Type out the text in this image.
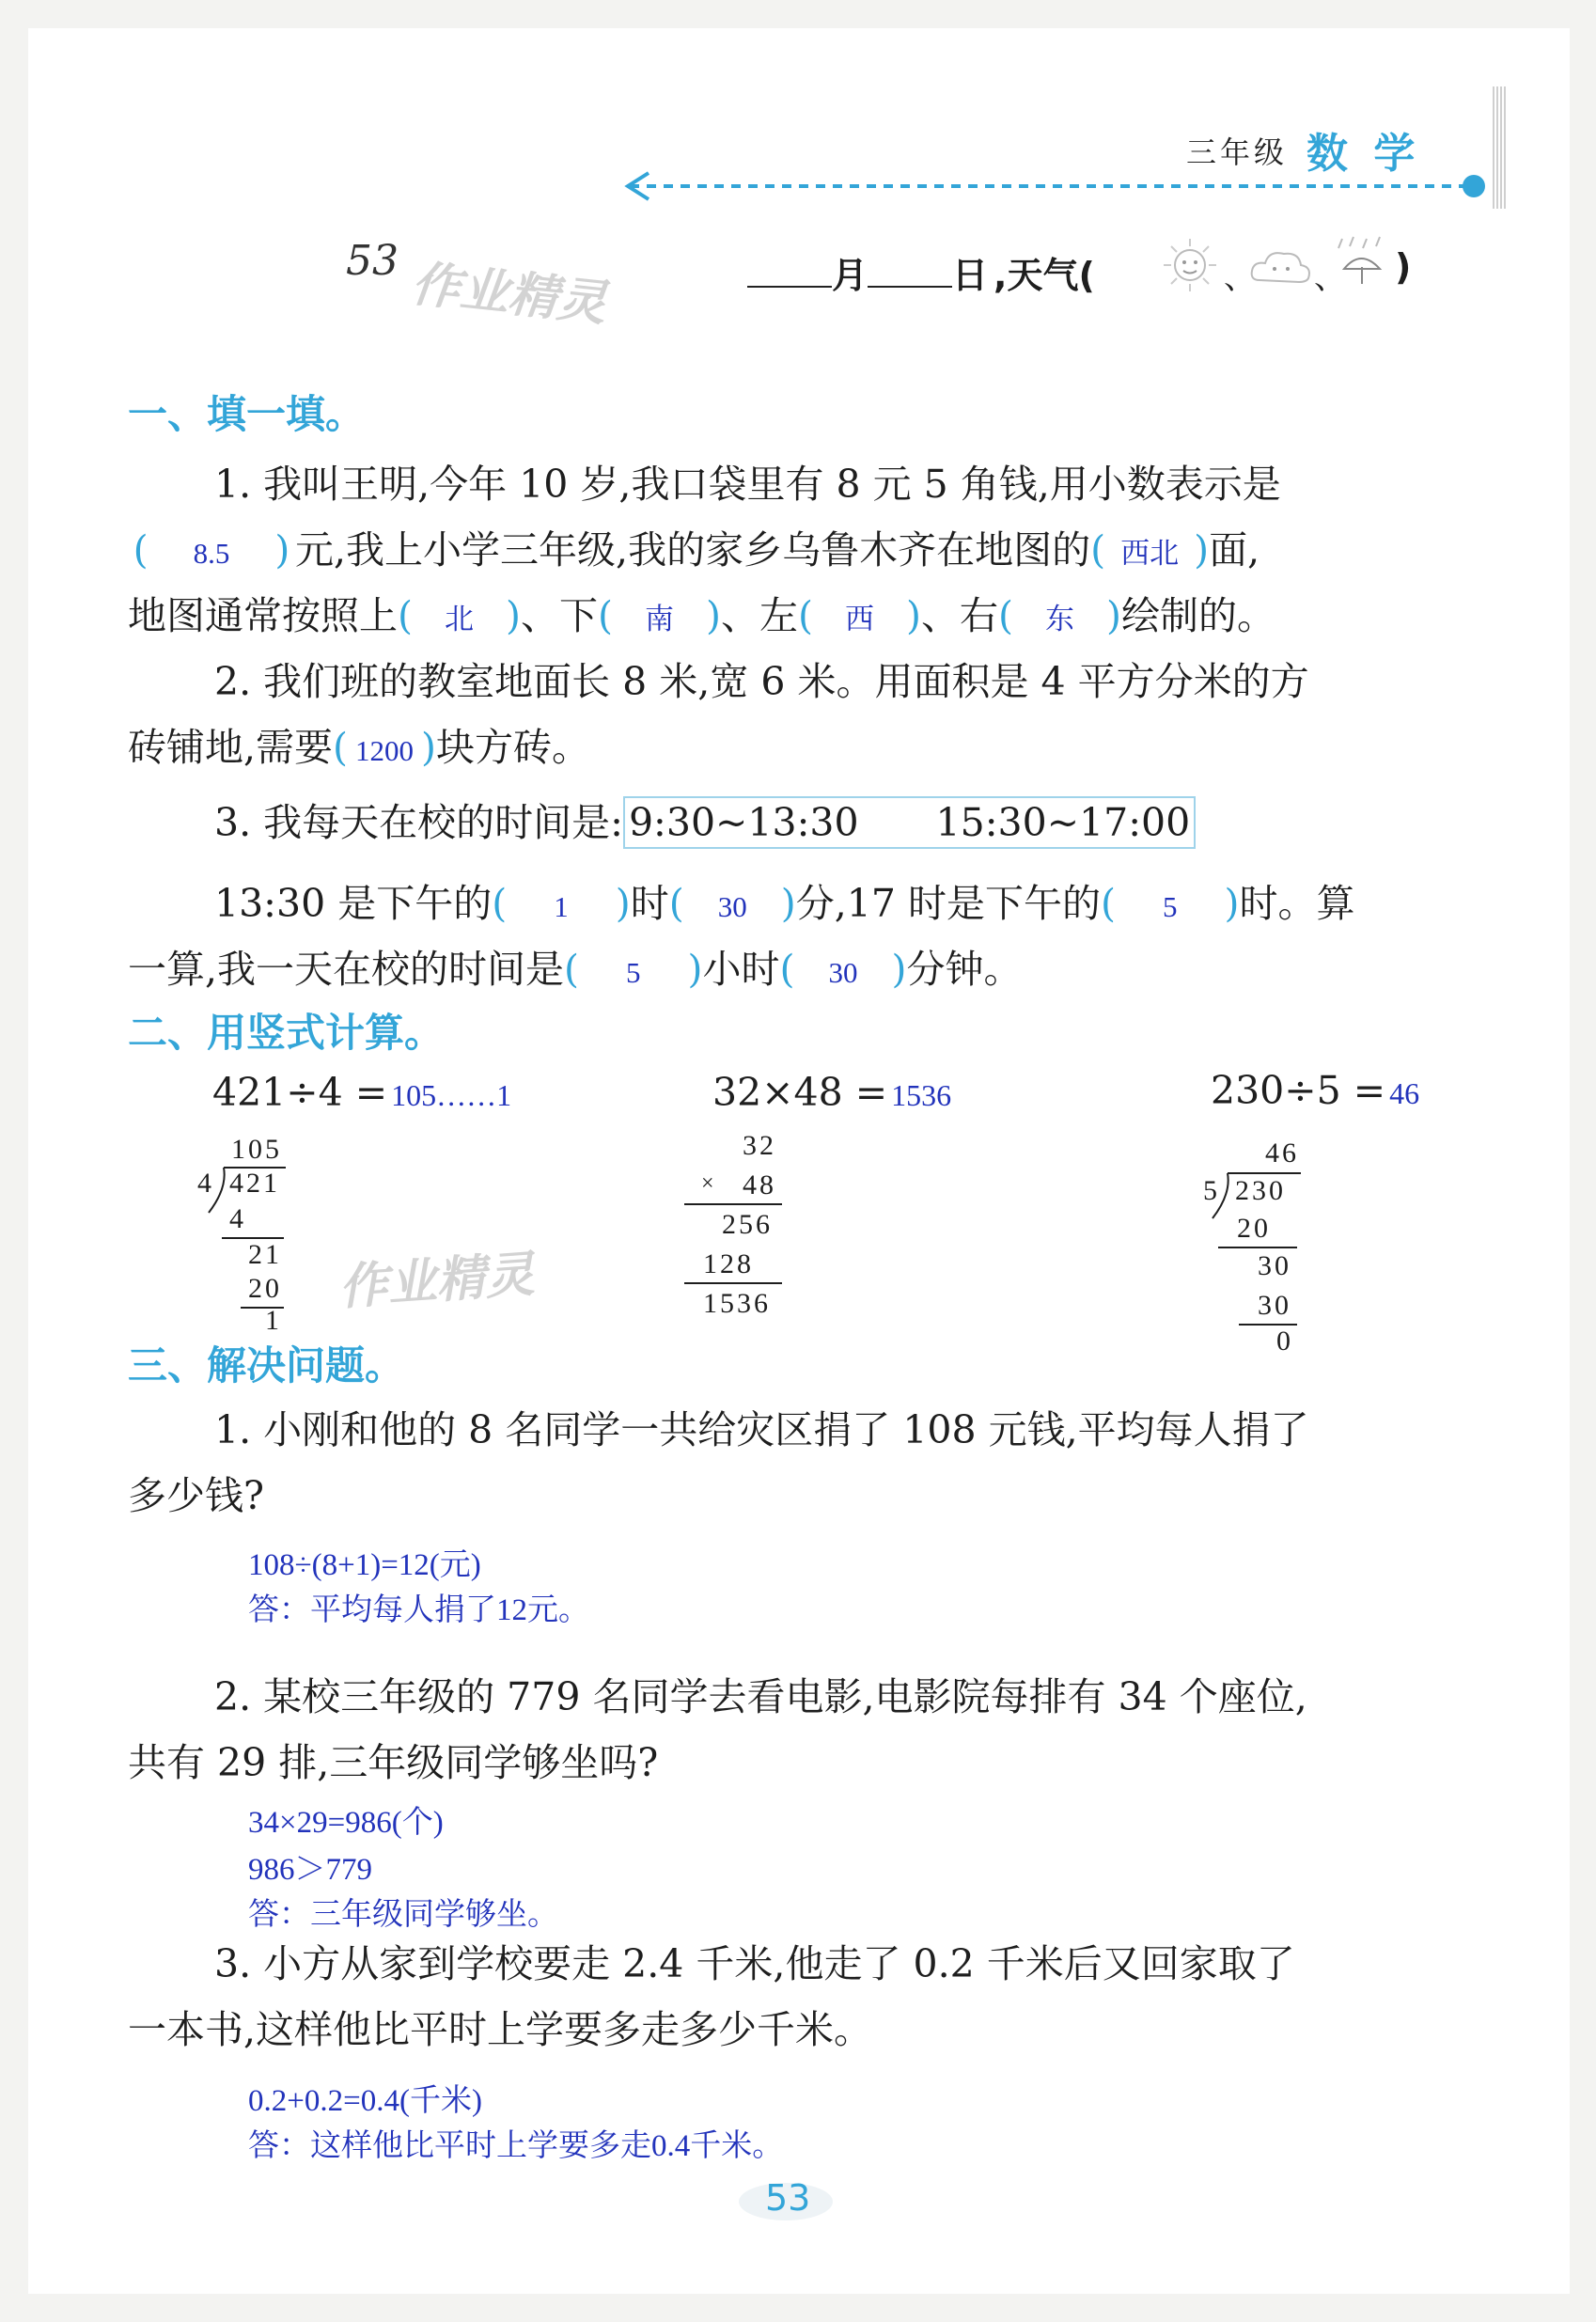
三年级 数 学
53 作业精灵	月 日 ,天气(	、 、 )
一、填一填。
1. 我叫王明,今年 10 岁,我口袋里有 8 元 5 角钱,用小数表示是
( 8.5 ) 元,我上小学三年级,我的家乡乌鲁木齐在地图的( 西北 )面,
地图通常按照上( 北 )、下( 南 )、左( 西 )、右( 东 )绘制的。
2. 我们班的教室地面长 8 米,宽 6 米。用面积是 4 平方分米的方
砖铺地,需要( 1200 )块方砖。
3. 我每天在校的时间是: 9:30~13:30　　15:30~17:00
13:30 是下午的( 1 )时( 30 )分,17 时是下午的( 5 )时。算
一算,我一天在校的时间是( 5 )小时( 30 )分钟。
二、用竖式计算。
421÷4 = 105……1	32×48 = 1536	230÷5 = 46
105
4 421
4
21
20
1
作业精灵
32
× 48
256
128
1536
46
5 230
20
30
30
0
三、解决问题。
1. 小刚和他的 8 名同学一共给灾区捐了 108 元钱,平均每人捐了
多少钱?
108÷(8+1)=12(元)
答：平均每人捐了12元。
2. 某校三年级的 779 名同学去看电影,电影院每排有 34 个座位,
共有 29 排,三年级同学够坐吗?
34×29=986(个)
986＞779
答：三年级同学够坐。
3. 小方从家到学校要走 2.4 千米,他走了 0.2 千米后又回家取了
一本书,这样他比平时上学要多走多少千米。
0.2+0.2=0.4(千米)
答：这样他比平时上学要多走0.4千米。
53
